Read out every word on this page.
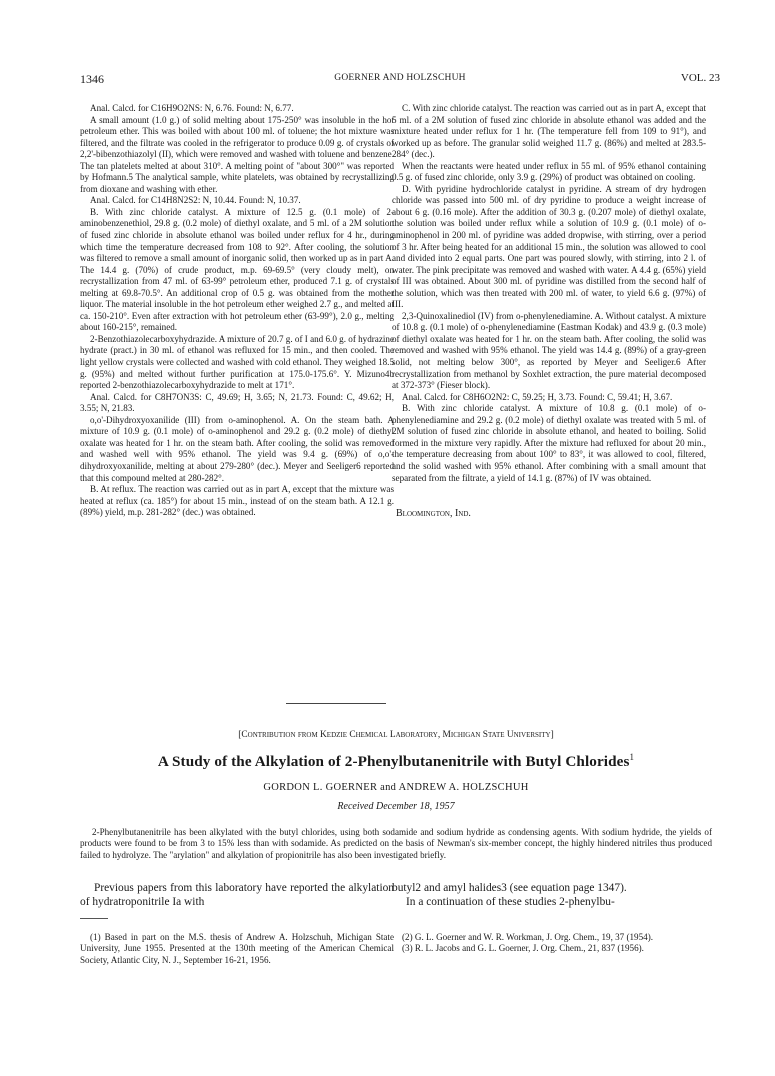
1346	GOERNER AND HOLZSCHUH	VOL. 23

Anal. Calcd. for C16H9O2NS: N, 6.76. Found: N, 6.77.

A small amount (1.0 g.) of solid melting about 175-250° was insoluble in the hot petroleum ether. This was boiled with about 100 ml. of toluene; the hot mixture was filtered, and the filtrate was cooled in the refrigerator to produce 0.09 g. of crystals of 2,2'-bibenzothiazolyl (II), which were removed and washed with toluene and benzene. The tan platelets melted at about 310°. A melting point of "about 300°" was reported by Hofmann.5 The analytical sample, white platelets, was obtained by recrystallizing from dioxane and washing with ether.

Anal. Calcd. for C14H8N2S2: N, 10.44. Found: N, 10.37.

B. With zinc chloride catalyst. A mixture of 12.5 g. (0.1 mole) of 2-aminobenzenethiol, 29.8 g. (0.2 mole) of diethyl oxalate, and 5 ml. of a 2M solution of fused zinc chloride in absolute ethanol was boiled under reflux for 4 hr., during which time the temperature decreased from 108 to 92°. After cooling, the solution was filtered to remove a small amount of inorganic solid, then worked up as in part A. The 14.4 g. (70%) of crude product, m.p. 69-69.5° (very cloudy melt), on recrystallization from 47 ml. of 63-99° petroleum ether, produced 7.1 g. of crystals melting at 69.8-70.5°. An additional crop of 0.5 g. was obtained from the mother liquor. The material insoluble in the hot petroleum ether weighed 2.7 g., and melted at ca. 150-210°. Even after extraction with hot petroleum ether (63-99°), 2.0 g., melting about 160-215°, remained.

2-Benzothiazolecarboxyhydrazide. A mixture of 20.7 g. of I and 6.0 g. of hydrazine hydrate (pract.) in 30 ml. of ethanol was refluxed for 15 min., and then cooled. The light yellow crystals were collected and washed with cold ethanol. They weighed 18.5 g. (95%) and melted without further purification at 175.0-175.6°. Y. Mizuno4b reported 2-benzothiazolecarboxyhydrazide to melt at 171°.

Anal. Calcd. for C8H7ON3S: C, 49.69; H, 3.65; N, 21.73. Found: C, 49.62; H, 3.55; N, 21.83.

o,o'-Dihydroxyoxanilide (III) from o-aminophenol. A. On the steam bath. A mixture of 10.9 g. (0.1 mole) of o-aminophenol and 29.2 g. (0.2 mole) of diethyl oxalate was heated for 1 hr. on the steam bath. After cooling, the solid was removed and washed well with 95% ethanol. The yield was 9.4 g. (69%) of o,o'-dihydroxyoxanilide, melting at about 279-280° (dec.). Meyer and Seeliger6 reported that this compound melted at 280-282°.

B. At reflux. The reaction was carried out as in part A, except that the mixture was heated at reflux (ca. 185°) for about 15 min., instead of on the steam bath. A 12.1 g. (89%) yield, m.p. 281-282° (dec.) was obtained.

C. With zinc chloride catalyst. The reaction was carried out as in part A, except that 5 ml. of a 2M solution of fused zinc chloride in absolute ethanol was added and the mixture heated under reflux for 1 hr. (The temperature fell from 109 to 91°), and worked up as before. The granular solid weighed 11.7 g. (86%) and melted at 283.5-284° (dec.).

When the reactants were heated under reflux in 55 ml. of 95% ethanol containing 0.5 g. of fused zinc chloride, only 3.9 g. (29%) of product was obtained on cooling.

D. With pyridine hydrochloride catalyst in pyridine. A stream of dry hydrogen chloride was passed into 500 ml. of dry pyridine to produce a weight increase of about 6 g. (0.16 mole). After the addition of 30.3 g. (0.207 mole) of diethyl oxalate, the solution was boiled under reflux while a solution of 10.9 g. (0.1 mole) of o-aminophenol in 200 ml. of pyridine was added dropwise, with stirring, over a period of 3 hr. After being heated for an additional 15 min., the solution was allowed to cool and divided into 2 equal parts. One part was poured slowly, with stirring, into 2 l. of water. The pink precipitate was removed and washed with water. A 4.4 g. (65%) yield of III was obtained. About 300 ml. of pyridine was distilled from the second half of the solution, which was then treated with 200 ml. of water, to yield 6.6 g. (97%) of III.

2,3-Quinoxalinediol (IV) from o-phenylenediamine. A. Without catalyst. A mixture of 10.8 g. (0.1 mole) of o-phenylenediamine (Eastman Kodak) and 43.9 g. (0.3 mole) of diethyl oxalate was heated for 1 hr. on the steam bath. After cooling, the solid was removed and washed with 95% ethanol. The yield was 14.4 g. (89%) of a gray-green solid, not melting below 300°, as reported by Meyer and Seeliger.6 After recrystallization from methanol by Soxhlet extraction, the pure material decomposed at 372-373° (Fieser block).

Anal. Calcd. for C8H6O2N2: C, 59.25; H, 3.73. Found: C, 59.41; H, 3.67.

B. With zinc chloride catalyst. A mixture of 10.8 g. (0.1 mole) of o-phenylenediamine and 29.2 g. (0.2 mole) of diethyl oxalate was treated with 5 ml. of 2M solution of fused zinc chloride in absolute ethanol, and heated to boiling. Solid formed in the mixture very rapidly. After the mixture had refluxed for about 20 min., the temperature decreasing from about 100° to 83°, it was allowed to cool, filtered, and the solid washed with 95% ethanol. After combining with a small amount that separated from the filtrate, a yield of 14.1 g. (87%) of IV was obtained.

Bloomington, Ind.

[Contribution from Kedzie Chemical Laboratory, Michigan State University]
A Study of the Alkylation of 2-Phenylbutanenitrile with Butyl Chlorides$^1$
GORDON L. GOERNER and ANDREW A. HOLZSCHUH
Received December 18, 1957

2-Phenylbutanenitrile has been alkylated with the butyl chlorides, using both sodamide and sodium hydride as condensing agents. With sodium hydride, the yields of products were found to be from 3 to 15% less than with sodamide. As predicted on the basis of Newman's six-member concept, the highly hindered nitriles thus produced failed to hydrolyze. The "arylation" and alkylation of propionitrile has also been investigated briefly.

Previous papers from this laboratory have reported the alkylation of hydratroponitrile Ia with

butyl2 and amyl halides3 (see equation page 1347).

In a continuation of these studies 2-phenylbu-

(1) Based in part on the M.S. thesis of Andrew A. Holzschuh, Michigan State University, June 1955. Presented at the 130th meeting of the American Chemical Society, Atlantic City, N. J., September 16-21, 1956.

(2) G. L. Goerner and W. R. Workman, J. Org. Chem., 19, 37 (1954).

(3) R. L. Jacobs and G. L. Goerner, J. Org. Chem., 21, 837 (1956).
